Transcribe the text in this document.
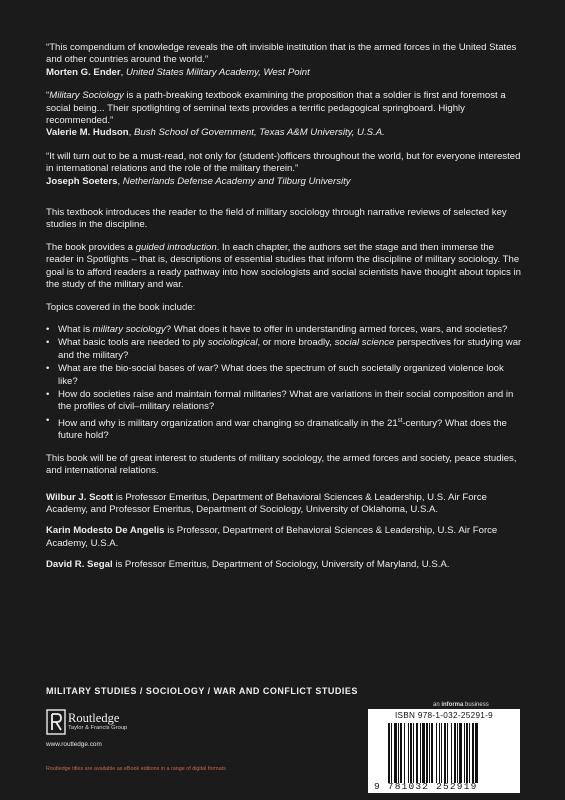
“This compendium of knowledge reveals the oft invisible institution that is the armed forces in the United States and other countries around the world.”
Morten G. Ender, United States Military Academy, West Point
“Military Sociology is a path-breaking textbook examining the proposition that a soldier is first and foremost a social being... Their spotlighting of seminal texts provides a terrific pedagogical springboard. Highly recommended.”
Valerie M. Hudson, Bush School of Government, Texas A&M University, U.S.A.
“It will turn out to be a must-read, not only for (student-)officers throughout the world, but for everyone interested in international relations and the role of the military therein.”
Joseph Soeters, Netherlands Defense Academy and Tilburg University

This textbook introduces the reader to the field of military sociology through narrative reviews of selected key studies in the discipline.

The book provides a guided introduction. In each chapter, the authors set the stage and then immerse the reader in Spotlights – that is, descriptions of essential studies that inform the discipline of military sociology. The goal is to afford readers a ready pathway into how sociologists and social scientists have thought about topics in the study of the military and war.

Topics covered in the book include:

• What is military sociology? What does it have to offer in understanding armed forces, wars, and societies?
• What basic tools are needed to ply sociological, or more broadly, social science perspectives for studying war and the military?
• What are the bio-social bases of war? What does the spectrum of such societally organized violence look like?
• How do societies raise and maintain formal militaries? What are variations in their social composition and in the profiles of civil–military relations?
• How and why is military organization and war changing so dramatically in the 21st-century? What does the future hold?

This book will be of great interest to students of military sociology, the armed forces and society, peace studies, and international relations.

Wilbur J. Scott is Professor Emeritus, Department of Behavioral Sciences & Leadership, U.S. Air Force Academy, and Professor Emeritus, Department of Sociology, University of Oklahoma, U.S.A.

Karin Modesto De Angelis is Professor, Department of Behavioral Sciences & Leadership, U.S. Air Force Academy, U.S.A.

David R. Segal is Professor Emeritus, Department of Sociology, University of Maryland, U.S.A.

MILITARY STUDIES / SOCIOLOGY / WAR AND CONFLICT STUDIES
an informa business
Routledge
Taylor & Francis Group
www.routledge.com
Routledge titles are available as eBook editions in a range of digital formats
ISBN 978-1-032-25291-9
9 781032 252919
